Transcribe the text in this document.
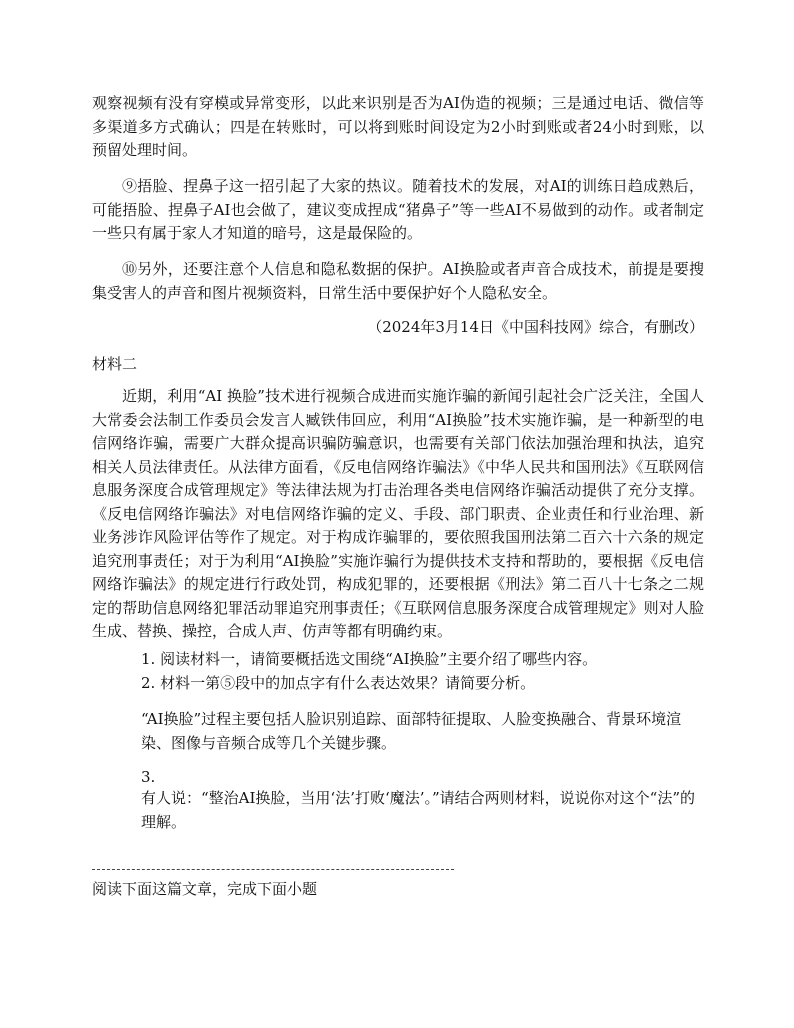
观察视频有没有穿模或异常变形，以此来识别是否为AI伪造的视频；三是通过电话、微信等多渠道多方式确认；四是在转账时，可以将到账时间设定为2小时到账或者24小时到账，以预留处理时间。

⑨捂脸、捏鼻子这一招引起了大家的热议。随着技术的发展，对AI的训练日趋成熟后，可能捂脸、捏鼻子AI也会做了，建议变成捏成“猪鼻子”等一些AI不易做到的动作。或者制定一些只有属于家人才知道的暗号，这是最保险的。

⑩另外，还要注意个人信息和隐私数据的保护。AI换脸或者声音合成技术，前提是要搜集受害人的声音和图片视频资料，日常生活中要保护好个人隐私安全。

（2024年3月14日《中国科技网》综合，有删改）

材料二

近期，利用“AI 换脸”技术进行视频合成进而实施诈骗的新闻引起社会广泛关注，全国人大常委会法制工作委员会发言人臧铁伟回应，利用“AI换脸”技术实施诈骗，是一种新型的电信网络诈骗，需要广大群众提高识骗防骗意识，也需要有关部门依法加强治理和执法，追究相关人员法律责任。从法律方面看，《反电信网络诈骗法》《中华人民共和国刑法》《互联网信息服务深度合成管理规定》等法律法规为打击治理各类电信网络诈骗活动提供了充分支撑。《反电信网络诈骗法》对电信网络诈骗的定义、手段、部门职责、企业责任和行业治理、新业务涉诈风险评估等作了规定。对于构成诈骗罪的，要依照我国刑法第二百六十六条的规定追究刑事责任；对于为利用“AI换脸”实施诈骗行为提供技术支持和帮助的，要根据《反电信网络诈骗法》的规定进行行政处罚，构成犯罪的，还要根据《刑法》第二百八十七条之二规定的帮助信息网络犯罪活动罪追究刑事责任；《互联网信息服务深度合成管理规定》则对人脸生成、替换、操控，合成人声、仿声等都有明确约束。

1. 阅读材料一，请简要概括选文围绕“AI换脸”主要介绍了哪些内容。

2. 材料一第⑤段中的加点字有什么表达效果？请简要分析。

“AI换脸”过程主要包括人脸识别追踪、面部特征提取、人脸变换融合、背景环境渲染、图像与音频合成等几个关键步骤。

3.

有人说：“整治AI换脸，当用‘法’打败‘魔法’。”请结合两则材料，说说你对这个“法”的理解。

阅读下面这篇文章，完成下面小题
